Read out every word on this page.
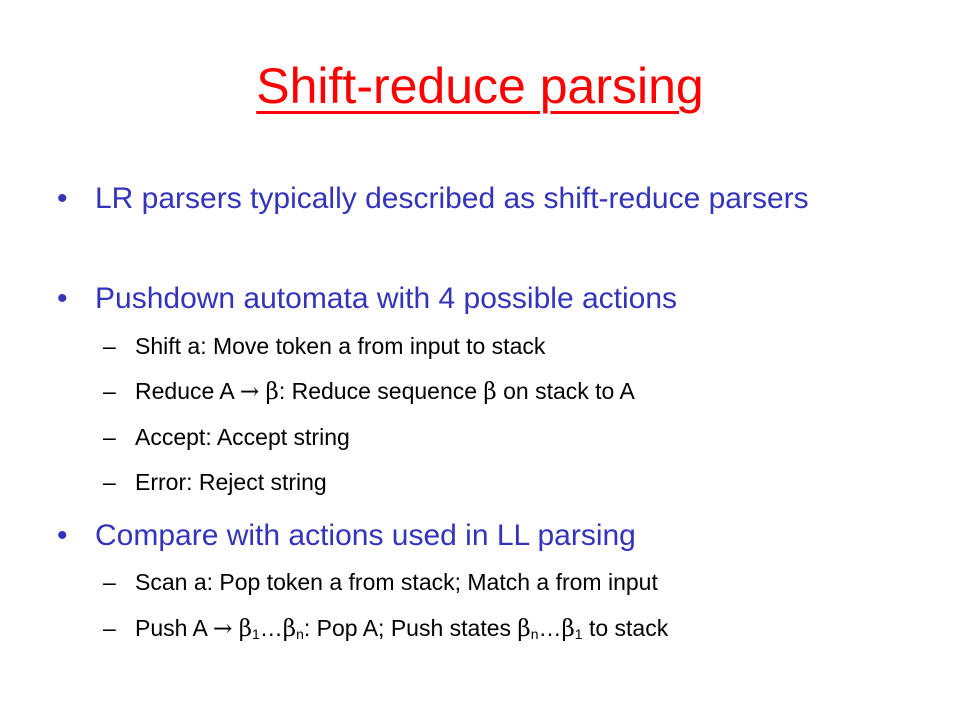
Shift-reduce parsing
• LR parsers typically described as shift-reduce parsers
• Pushdown automata with 4 possible actions
– Shift a: Move token a from input to stack
– Reduce A → β: Reduce sequence β on stack to A
– Accept: Accept string
– Error: Reject string
• Compare with actions used in LL parsing
– Scan a: Pop token a from stack; Match a from input
– Push $A \to \beta_1\dots\beta_n$: Pop A; Push states $\beta_n\dots\beta_1$ to stack
